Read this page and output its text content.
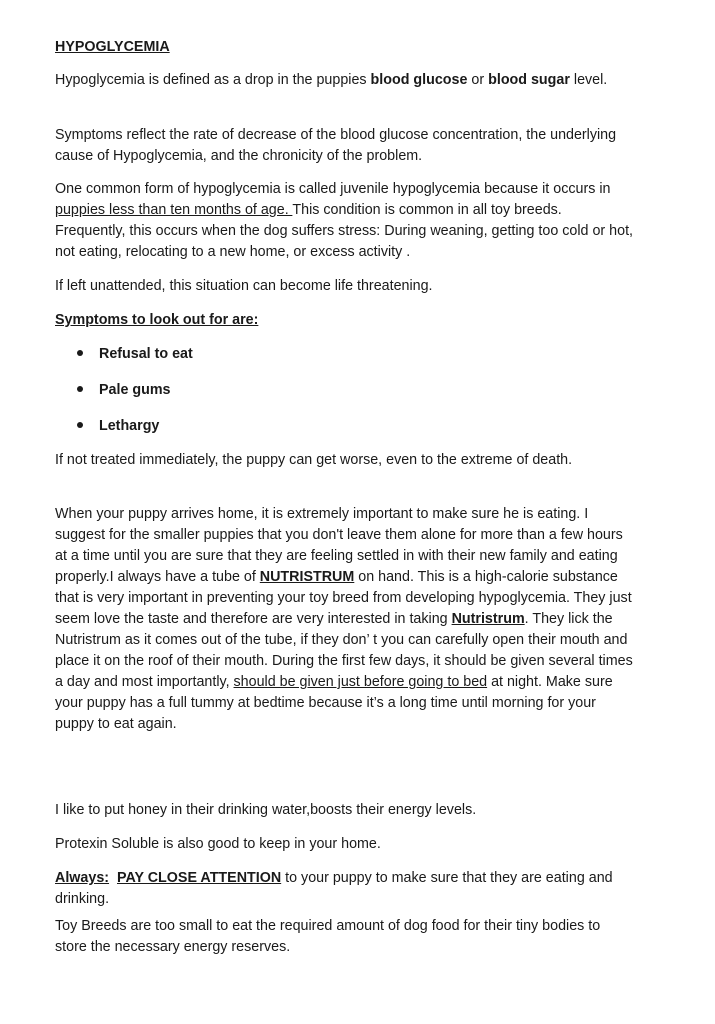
HYPOGLYCEMIA

Hypoglycemia is defined as a drop in the puppies blood glucose or blood sugar level.

Symptoms reflect the rate of decrease of the blood glucose concentration, the underlying cause of Hypoglycemia, and the chronicity of the problem.

One common form of hypoglycemia is called juvenile hypoglycemia because it occurs in puppies less than ten months of age. This condition is common in all toy breeds. Frequently, this occurs when the dog suffers stress: During weaning, getting too cold or hot, not eating, relocating to a new home, or excess activity .

If left unattended, this situation can become life threatening.

Symptoms to look out for are:

Refusal to eat
Pale gums
Lethargy

If not treated immediately, the puppy can get worse, even to the extreme of death.

When your puppy arrives home, it is extremely important to make sure he is eating. I suggest for the smaller puppies that you don't leave them alone for more than a few hours at a time until you are sure that they are feeling settled in with their new family and eating properly.I always have a tube of NUTRISTRUM on hand. This is a high-calorie substance that is very important in preventing your toy breed from developing hypoglycemia. They just seem love the taste and therefore are very interested in taking Nutristrum. They lick the Nutristrum as it comes out of the tube, if they don’ t you can carefully open their mouth and place it on the roof of their mouth. During the first few days, it should be given several times a day and most importantly, should be given just before going to bed at night. Make sure your puppy has a full tummy at bedtime because it’s a long time until morning for your puppy to eat again.

I like to put honey in their drinking water,boosts their energy levels.

Protexin Soluble is also good to keep in your home.

Always: PAY CLOSE ATTENTION to your puppy to make sure that they are eating and drinking.

Toy Breeds are too small to eat the required amount of dog food for their tiny bodies to store the necessary energy reserves.
